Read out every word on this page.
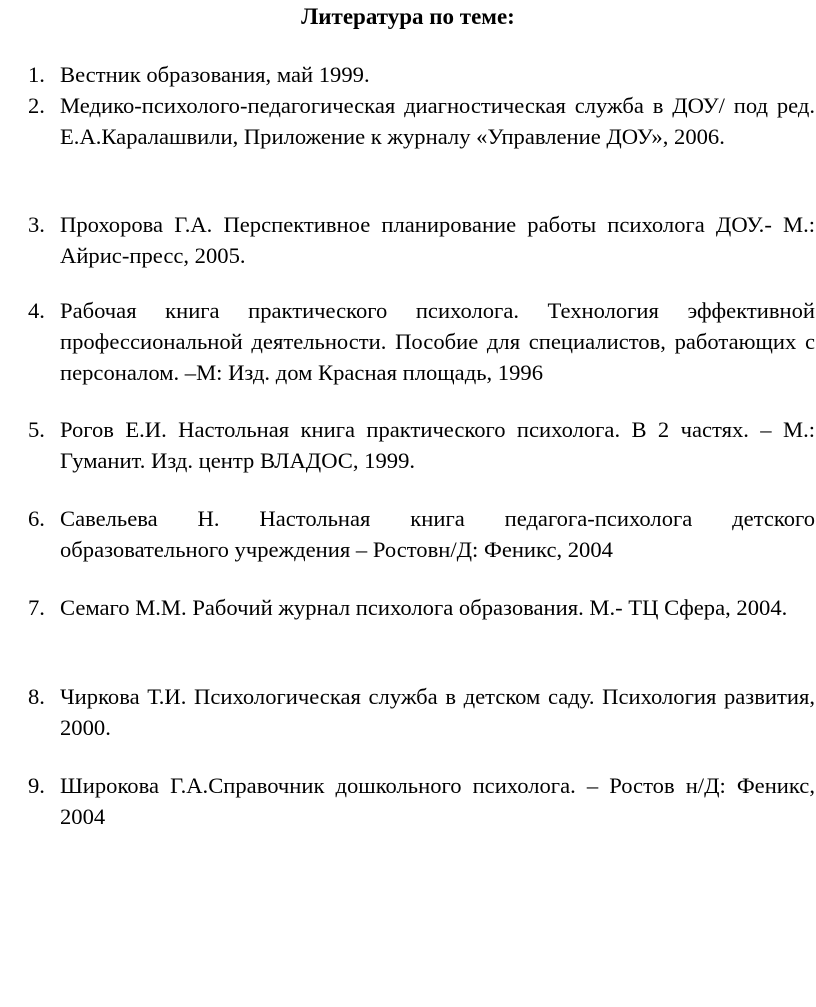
Литература по теме:
1. Вестник образования, май 1999.
2. Медико-психолого-педагогическая диагностическая служба в ДОУ/ под ред. Е.А.Каралашвили, Приложение к журналу «Управление ДОУ», 2006.
3. Прохорова Г.А. Перспективное планирование работы психолога ДОУ.- М.: Айрис-пресс, 2005.
4. Рабочая книга практического психолога. Технология эффективной профессиональной деятельности. Пособие для специалистов, работающих с персоналом. –М: Изд. дом Красная площадь, 1996
5. Рогов Е.И. Настольная книга практического психолога. В 2 частях. – М.: Гуманит. Изд. центр ВЛАДОС, 1999.
6. Савельева Н. Настольная книга педагога-психолога детского образовательного учреждения – Ростовн/Д: Феникс, 2004
7. Семаго М.М. Рабочий журнал психолога образования. М.- ТЦ Сфера, 2004.
8. Чиркова Т.И. Психологическая служба в детском саду. Психология развития, 2000.
9. Широкова Г.А.Справочник дошкольного психолога. – Ростов н/Д: Феникс, 2004
